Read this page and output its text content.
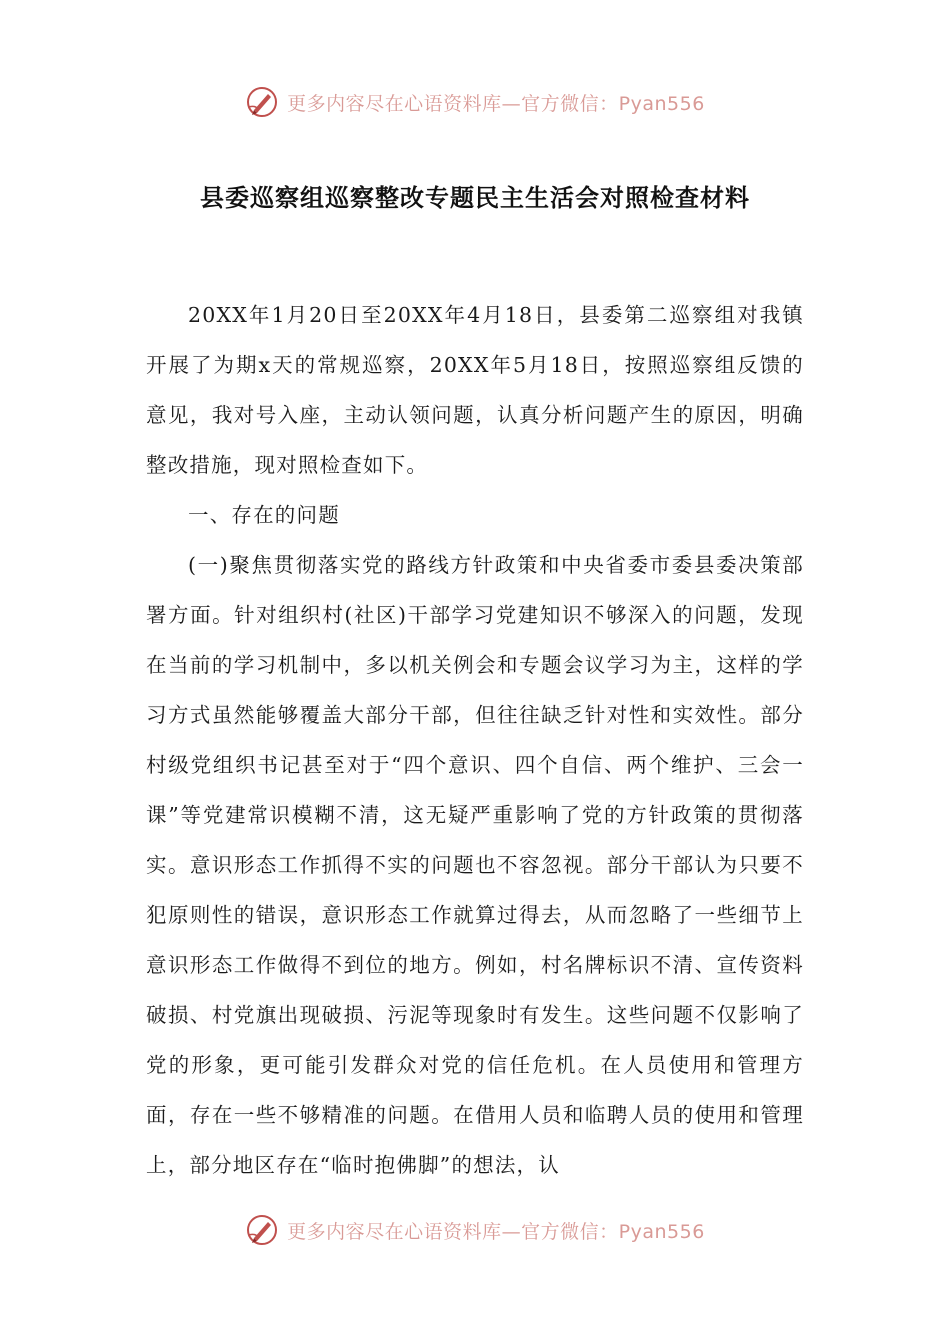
更多内容尽在心语资料库—官方微信：Pyan556
县委巡察组巡察整改专题民主生活会对照检查材料

20XX年1月20日至20XX年4月18日，县委第二巡察组对我镇开展了为期x天的常规巡察，20XX年5月18日，按照巡察组反馈的意见，我对号入座，主动认领问题，认真分析问题产生的原因，明确整改措施，现对照检查如下。

一、存在的问题

(一)聚焦贯彻落实党的路线方针政策和中央省委市委县委决策部署方面。针对组织村(社区)干部学习党建知识不够深入的问题，发现在当前的学习机制中，多以机关例会和专题会议学习为主，这样的学习方式虽然能够覆盖大部分干部，但往往缺乏针对性和实效性。部分村级党组织书记甚至对于“四个意识、四个自信、两个维护、三会一课”等党建常识模糊不清，这无疑严重影响了党的方针政策的贯彻落实。意识形态工作抓得不实的问题也不容忽视。部分干部认为只要不犯原则性的错误，意识形态工作就算过得去，从而忽略了一些细节上意识形态工作做得不到位的地方。例如，村名牌标识不清、宣传资料破损、村党旗出现破损、污泥等现象时有发生。这些问题不仅影响了党的形象，更可能引发群众对党的信任危机。在人员使用和管理方面，存在一些不够精准的问题。在借用人员和临聘人员的使用和管理上，部分地区存在“临时抱佛脚”的想法，认

更多内容尽在心语资料库—官方微信：Pyan556
